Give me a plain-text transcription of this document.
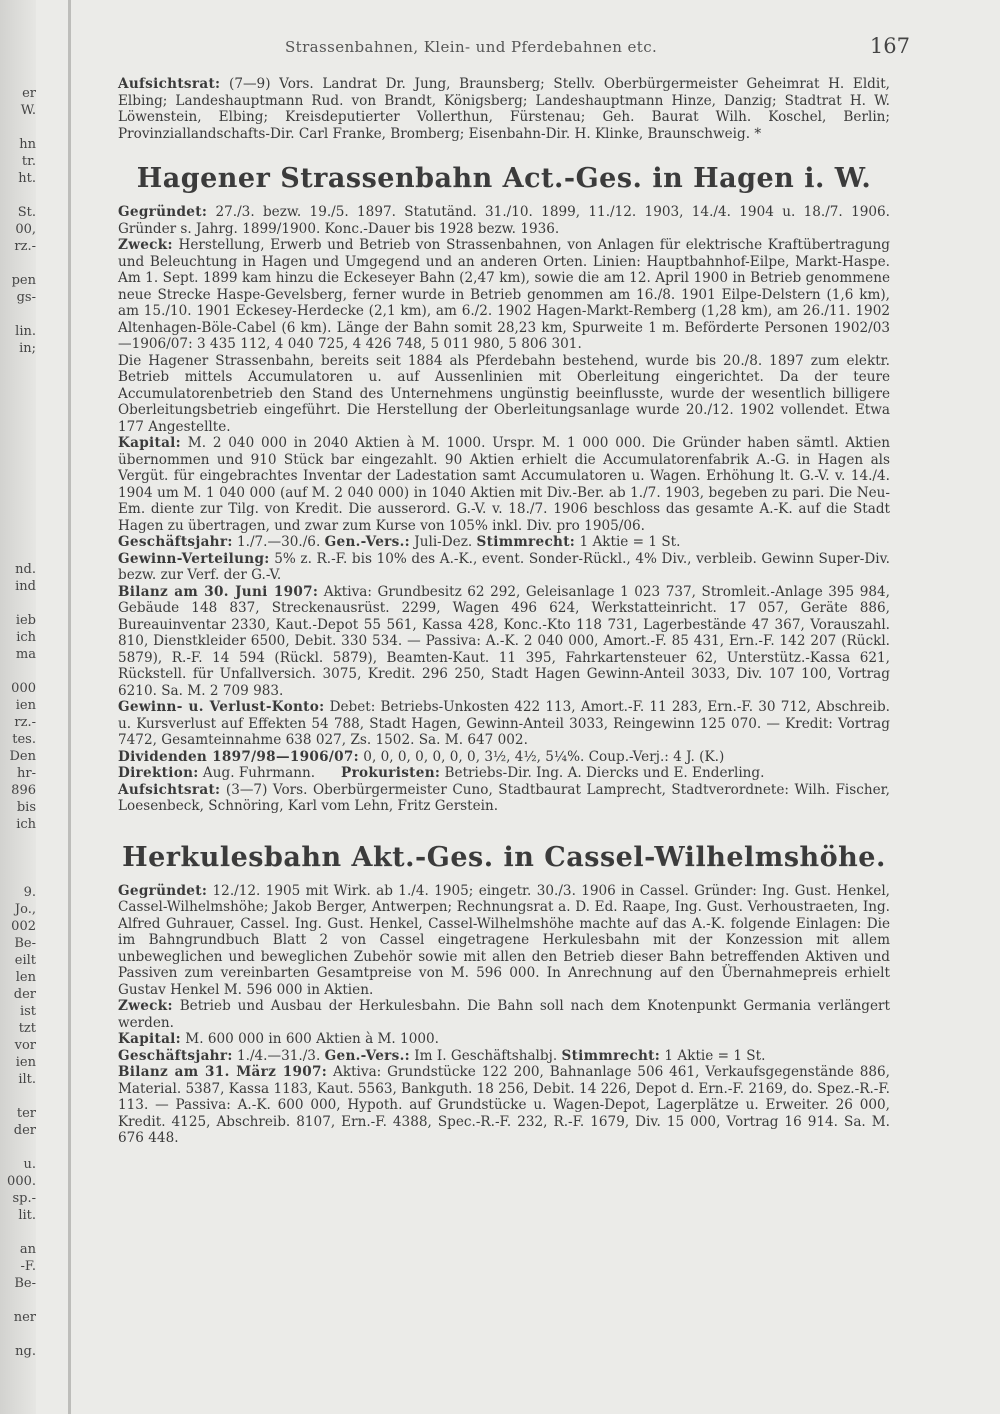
er
W.

hn
tr.
ht.

St.
00,
rz.-

pen
gs-

lin.
in;

nd.
ind

ieb
ich
ma

000
ien
rz.-
tes.
Den
hr-
896
bis
ich

9.
Jo.,
002
Be-
eilt
len
der
ist
tzt
vor
ien
ilt.

ter
der

u.
000.
sp.-
lit.

an
-F.
Be-

ner

ng.
Strassenbahnen, Klein- und Pferdebahnen etc.	167

Aufsichtsrat: (7—9) Vors. Landrat Dr. Jung, Braunsberg; Stellv. Oberbürgermeister Geheimrat H. Eldit, Elbing; Landeshauptmann Rud. von Brandt, Königsberg; Landeshauptmann Hinze, Danzig; Stadtrat H. W. Löwenstein, Elbing; Kreisdeputierter Vollerthun, Fürstenau; Geh. Baurat Wilh. Koschel, Berlin; Provinziallandschafts-Dir. Carl Franke, Bromberg; Eisenbahn-Dir. H. Klinke, Braunschweig. *

Hagener Strassenbahn Act.-Ges. in Hagen i. W.

Gegründet: 27./3. bezw. 19./5. 1897. Statutänd. 31./10. 1899, 11./12. 1903, 14./4. 1904 u. 18./7. 1906. Gründer s. Jahrg. 1899/1900. Konc.-Dauer bis 1928 bezw. 1936.

Zweck: Herstellung, Erwerb und Betrieb von Strassenbahnen, von Anlagen für elektrische Kraftübertragung und Beleuchtung in Hagen und Umgegend und an anderen Orten. Linien: Hauptbahnhof-Eilpe, Markt-Haspe. Am 1. Sept. 1899 kam hinzu die Eckeseyer Bahn (2,47 km), sowie die am 12. April 1900 in Betrieb genommene neue Strecke Haspe-Gevelsberg, ferner wurde in Betrieb genommen am 16./8. 1901 Eilpe-Delstern (1,6 km), am 15./10. 1901 Eckesey-Herdecke (2,1 km), am 6./2. 1902 Hagen-Markt-Remberg (1,28 km), am 26./11. 1902 Altenhagen-Böle-Cabel (6 km). Länge der Bahn somit 28,23 km, Spurweite 1 m. Beförderte Personen 1902/03—1906/07: 3 435 112, 4 040 725, 4 426 748, 5 011 980, 5 806 301.

Die Hagener Strassenbahn, bereits seit 1884 als Pferdebahn bestehend, wurde bis 20./8. 1897 zum elektr. Betrieb mittels Accumulatoren u. auf Aussenlinien mit Oberleitung eingerichtet. Da der teure Accumulatorenbetrieb den Stand des Unternehmens ungünstig beeinflusste, wurde der wesentlich billigere Oberleitungsbetrieb eingeführt. Die Herstellung der Oberleitungsanlage wurde 20./12. 1902 vollendet. Etwa 177 Angestellte.

Kapital: M. 2 040 000 in 2040 Aktien à M. 1000. Urspr. M. 1 000 000. Die Gründer haben sämtl. Aktien übernommen und 910 Stück bar eingezahlt. 90 Aktien erhielt die Accumulatorenfabrik A.-G. in Hagen als Vergüt. für eingebrachtes Inventar der Ladestation samt Accumulatoren u. Wagen. Erhöhung lt. G.-V. v. 14./4. 1904 um M. 1 040 000 (auf M. 2 040 000) in 1040 Aktien mit Div.-Ber. ab 1./7. 1903, begeben zu pari. Die Neu-Em. diente zur Tilg. von Kredit. Die ausserord. G.-V. v. 18./7. 1906 beschloss das gesamte A.-K. auf die Stadt Hagen zu übertragen, und zwar zum Kurse von 105% inkl. Div. pro 1905/06.

Geschäftsjahr: 1./7.—30./6. Gen.-Vers.: Juli-Dez. Stimmrecht: 1 Aktie = 1 St.

Gewinn-Verteilung: 5% z. R.-F. bis 10% des A.-K., event. Sonder-Rückl., 4% Div., verbleib. Gewinn Super-Div. bezw. zur Verf. der G.-V.

Bilanz am 30. Juni 1907: Aktiva: Grundbesitz 62 292, Geleisanlage 1 023 737, Stromleit.-Anlage 395 984, Gebäude 148 837, Streckenausrüst. 2299, Wagen 496 624, Werkstatteinricht. 17 057, Geräte 886, Bureauinventar 2330, Kaut.-Depot 55 561, Kassa 428, Konc.-Kto 118 731, Lagerbestände 47 367, Vorauszahl. 810, Dienstkleider 6500, Debit. 330 534. — Passiva: A.-K. 2 040 000, Amort.-F. 85 431, Ern.-F. 142 207 (Rückl. 5879), R.-F. 14 594 (Rückl. 5879), Beamten-Kaut. 11 395, Fahrkartensteuer 62, Unterstütz.-Kassa 621, Rückstell. für Unfallversich. 3075, Kredit. 296 250, Stadt Hagen Gewinn-Anteil 3033, Div. 107 100, Vortrag 6210. Sa. M. 2 709 983.

Gewinn- u. Verlust-Konto: Debet: Betriebs-Unkosten 422 113, Amort.-F. 11 283, Ern.-F. 30 712, Abschreib. u. Kursverlust auf Effekten 54 788, Stadt Hagen, Gewinn-Anteil 3033, Reingewinn 125 070. — Kredit: Vortrag 7472, Gesamteinnahme 638 027, Zs. 1502. Sa. M. 647 002.

Dividenden 1897/98—1906/07: 0, 0, 0, 0, 0, 0, 0, 3½, 4½, 5¼%. Coup.-Verj.: 4 J. (K.)

Direktion: Aug. Fuhrmann. Prokuristen: Betriebs-Dir. Ing. A. Diercks und E. Enderling.

Aufsichtsrat: (3—7) Vors. Oberbürgermeister Cuno, Stadtbaurat Lamprecht, Stadtverordnete: Wilh. Fischer, Loesenbeck, Schnöring, Karl vom Lehn, Fritz Gerstein.

Herkulesbahn Akt.-Ges. in Cassel-Wilhelmshöhe.

Gegründet: 12./12. 1905 mit Wirk. ab 1./4. 1905; eingetr. 30./3. 1906 in Cassel. Gründer: Ing. Gust. Henkel, Cassel-Wilhelmshöhe; Jakob Berger, Antwerpen; Rechnungsrat a. D. Ed. Raape, Ing. Gust. Verhoustraeten, Ing. Alfred Guhrauer, Cassel. Ing. Gust. Henkel, Cassel-Wilhelmshöhe machte auf das A.-K. folgende Einlagen: Die im Bahngrundbuch Blatt 2 von Cassel eingetragene Herkulesbahn mit der Konzession mit allem unbeweglichen und beweglichen Zubehör sowie mit allen den Betrieb dieser Bahn betreffenden Aktiven und Passiven zum vereinbarten Gesamtpreise von M. 596 000. In Anrechnung auf den Übernahmepreis erhielt Gustav Henkel M. 596 000 in Aktien.

Zweck: Betrieb und Ausbau der Herkulesbahn. Die Bahn soll nach dem Knotenpunkt Germania verlängert werden.

Kapital: M. 600 000 in 600 Aktien à M. 1000.

Geschäftsjahr: 1./4.—31./3. Gen.-Vers.: Im I. Geschäftshalbj. Stimmrecht: 1 Aktie = 1 St.

Bilanz am 31. März 1907: Aktiva: Grundstücke 122 200, Bahnanlage 506 461, Verkaufsgegenstände 886, Material. 5387, Kassa 1183, Kaut. 5563, Bankguth. 18 256, Debit. 14 226, Depot d. Ern.-F. 2169, do. Spez.-R.-F. 113. — Passiva: A.-K. 600 000, Hypoth. auf Grundstücke u. Wagen-Depot, Lagerplätze u. Erweiter. 26 000, Kredit. 4125, Abschreib. 8107, Ern.-F. 4388, Spec.-R.-F. 232, R.-F. 1679, Div. 15 000, Vortrag 16 914. Sa. M. 676 448.
